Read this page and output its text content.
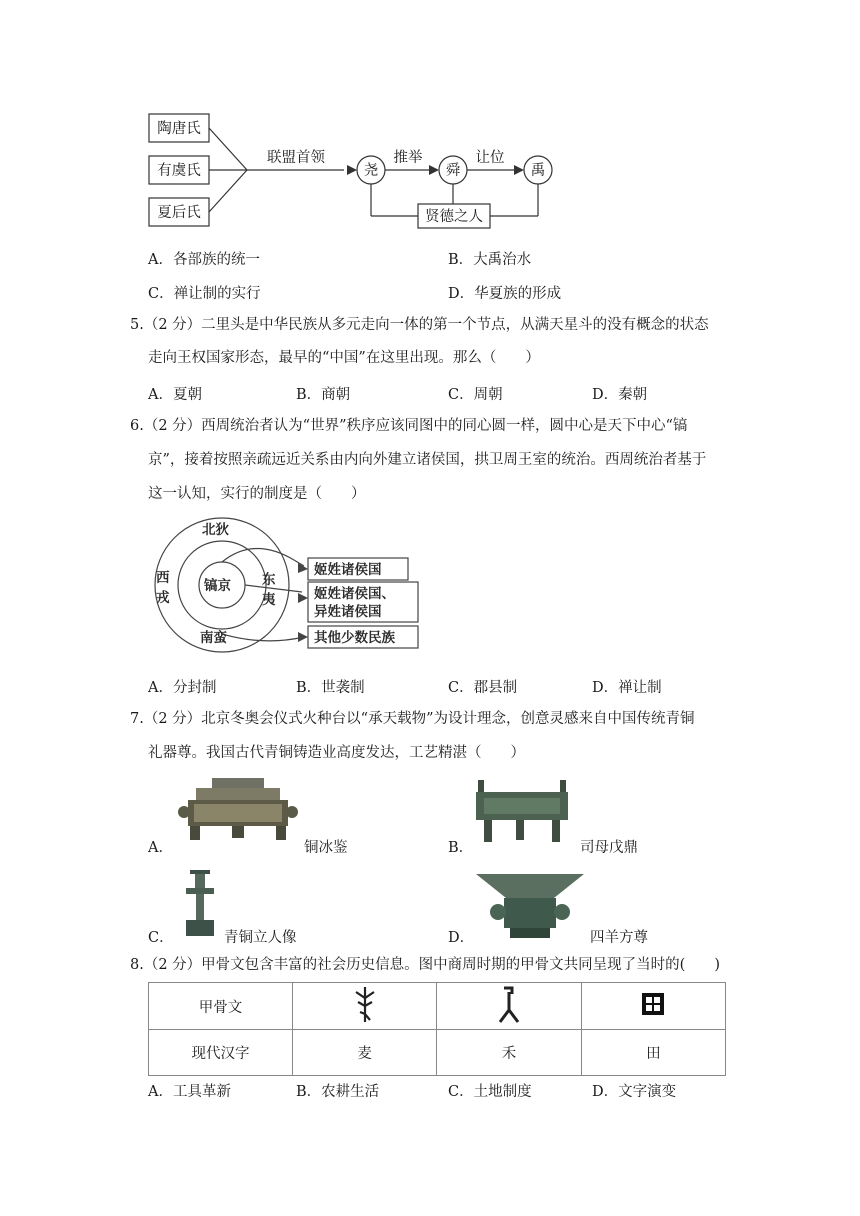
陶唐氏
有虞氏
夏后氏
联盟首领
尧	舜	禹
推举	让位
贤德之人
A．各部族的统一	B．大禹治水
C．禅让制的实行	D．华夏族的形成
5.（2 分）二里头是中华民族从多元走向一体的第一个节点，从满天星斗的没有概念的状态
走向王权国家形态，最早的“中国”在这里出现。那么（　　）
A．夏朝	B．商朝	C．周朝	D．秦朝
6.（2 分）西周统治者认为“世界”秩序应该同图中的同心圆一样，圆中心是天下中心“镐
京”，接着按照亲疏远近关系由内向外建立诸侯国，拱卫周王室的统治。西周统治者基于
这一认知，实行的制度是（　　）
北狄
镐京
南蛮
姬姓诸侯国
姬姓诸侯国、
异姓诸侯国
其他少数民族
西戎
东夷
A．分封制	B．世袭制	C．郡县制	D．禅让制
7.（2 分）北京冬奥会仪式火种台以“承天载物”为设计理念，创意灵感来自中国传统青铜
礼器尊。我国古代青铜铸造业高度发达，工艺精湛（　　）
A．	铜冰鉴	B．	司母戊鼎
C．	青铜立人像	D．	四羊方尊
8.（2 分）甲骨文包含丰富的社会历史信息。图中商周时期的甲骨文共同呈现了当时的(　　)
甲骨文			
现代汉字	麦	禾	田
A．工具革新	B．农耕生活	C．土地制度	D．文字演变
